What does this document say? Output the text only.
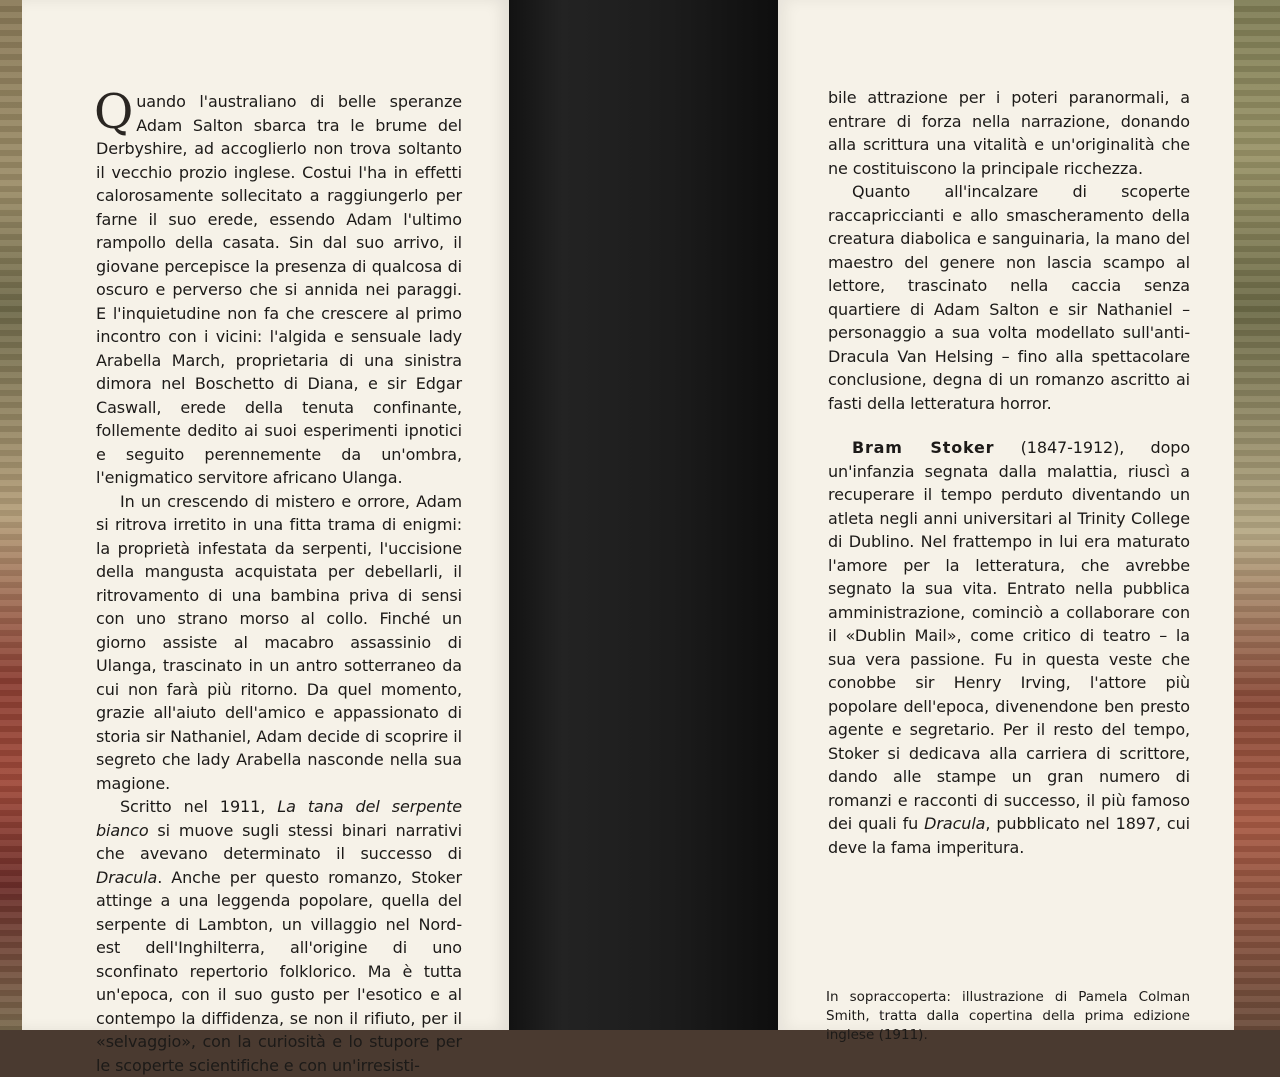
Quando l'australiano di belle speranze Adam Salton sbarca tra le brume del Derbyshire, ad accoglierlo non trova soltanto il vecchio prozio inglese. Costui l'ha in effetti calorosamente sollecitato a raggiungerlo per farne il suo erede, essendo Adam l'ultimo rampollo della casata. Sin dal suo arrivo, il giovane percepisce la presenza di qualcosa di oscuro e perverso che si annida nei paraggi. E l'inquietudine non fa che crescere al primo incontro con i vicini: l'algida e sensuale lady Arabella March, proprietaria di una sinistra dimora nel Boschetto di Diana, e sir Edgar Caswall, erede della tenuta confinante, follemente dedito ai suoi esperimenti ipnotici e seguito perennemente da un'ombra, l'enigmatico servitore africano Ulanga.

In un crescendo di mistero e orrore, Adam si ritrova irretito in una fitta trama di enigmi: la proprietà infestata da serpenti, l'uccisione della mangusta acquistata per debellarli, il ritrovamento di una bambina priva di sensi con uno strano morso al collo. Finché un giorno assiste al macabro assassinio di Ulanga, trascinato in un antro sotterraneo da cui non farà più ritorno. Da quel momento, grazie all'aiuto dell'amico e appassionato di storia sir Nathaniel, Adam decide di scoprire il segreto che lady Arabella nasconde nella sua magione.

Scritto nel 1911, La tana del serpente bianco si muove sugli stessi binari narrativi che avevano determinato il successo di Dracula. Anche per questo romanzo, Stoker attinge a una leggenda popolare, quella del serpente di Lambton, un villaggio nel Nord-est dell'Inghilterra, all'origine di uno sconfinato repertorio folklorico. Ma è tutta un'epoca, con il suo gusto per l'esotico e al contempo la diffidenza, se non il rifiuto, per il «selvaggio», con la curiosità e lo stupore per le scoperte scientifiche e con un'irresisti-

bile attrazione per i poteri paranormali, a entrare di forza nella narrazione, donando alla scrittura una vitalità e un'originalità che ne costituiscono la principale ricchezza.

Quanto all'incalzare di scoperte raccapriccianti e allo smascheramento della creatura diabolica e sanguinaria, la mano del maestro del genere non lascia scampo al lettore, trascinato nella caccia senza quartiere di Adam Salton e sir Nathaniel – personaggio a sua volta modellato sull'anti-Dracula Van Helsing – fino alla spettacolare conclusione, degna di un romanzo ascritto ai fasti della letteratura horror.

Bram Stoker (1847-1912), dopo un'infanzia segnata dalla malattia, riuscì a recuperare il tempo perduto diventando un atleta negli anni universitari al Trinity College di Dublino. Nel frattempo in lui era maturato l'amore per la letteratura, che avrebbe segnato la sua vita. Entrato nella pubblica amministrazione, cominciò a collaborare con il «Dublin Mail», come critico di teatro – la sua vera passione. Fu in questa veste che conobbe sir Henry Irving, l'attore più popolare dell'epoca, divenendone ben presto agente e segretario. Per il resto del tempo, Stoker si dedicava alla carriera di scrittore, dando alle stampe un gran numero di romanzi e racconti di successo, il più famoso dei quali fu Dracula, pubblicato nel 1897, cui deve la fama imperitura.

In sopraccoperta: illustrazione di Pamela Colman Smith, tratta dalla copertina della prima edizione inglese (1911).
